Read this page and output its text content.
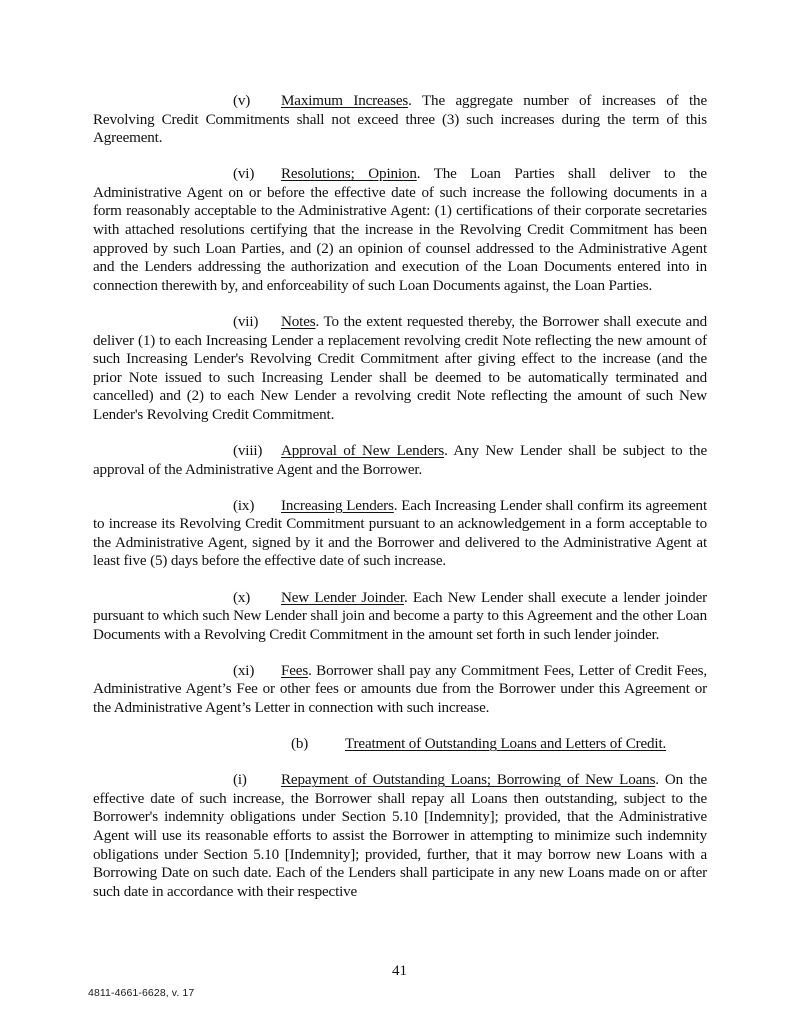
(v) Maximum Increases. The aggregate number of increases of the Revolving Credit Commitments shall not exceed three (3) such increases during the term of this Agreement.

(vi) Resolutions; Opinion. The Loan Parties shall deliver to the Administrative Agent on or before the effective date of such increase the following documents in a form reasonably acceptable to the Administrative Agent: (1) certifications of their corporate secretaries with attached resolutions certifying that the increase in the Revolving Credit Commitment has been approved by such Loan Parties, and (2) an opinion of counsel addressed to the Administrative Agent and the Lenders addressing the authorization and execution of the Loan Documents entered into in connection therewith by, and enforceability of such Loan Documents against, the Loan Parties.

(vii) Notes. To the extent requested thereby, the Borrower shall execute and deliver (1) to each Increasing Lender a replacement revolving credit Note reflecting the new amount of such Increasing Lender's Revolving Credit Commitment after giving effect to the increase (and the prior Note issued to such Increasing Lender shall be deemed to be automatically terminated and cancelled) and (2) to each New Lender a revolving credit Note reflecting the amount of such New Lender's Revolving Credit Commitment.

(viii) Approval of New Lenders. Any New Lender shall be subject to the approval of the Administrative Agent and the Borrower.

(ix) Increasing Lenders. Each Increasing Lender shall confirm its agreement to increase its Revolving Credit Commitment pursuant to an acknowledgement in a form acceptable to the Administrative Agent, signed by it and the Borrower and delivered to the Administrative Agent at least five (5) days before the effective date of such increase.

(x) New Lender Joinder. Each New Lender shall execute a lender joinder pursuant to which such New Lender shall join and become a party to this Agreement and the other Loan Documents with a Revolving Credit Commitment in the amount set forth in such lender joinder.

(xi) Fees. Borrower shall pay any Commitment Fees, Letter of Credit Fees, Administrative Agent’s Fee or other fees or amounts due from the Borrower under this Agreement or the Administrative Agent’s Letter in connection with such increase.

(b) Treatment of Outstanding Loans and Letters of Credit.

(i) Repayment of Outstanding Loans; Borrowing of New Loans. On the effective date of such increase, the Borrower shall repay all Loans then outstanding, subject to the Borrower's indemnity obligations under Section 5.10 [Indemnity]; provided, that the Administrative Agent will use its reasonable efforts to assist the Borrower in attempting to minimize such indemnity obligations under Section 5.10 [Indemnity]; provided, further, that it may borrow new Loans with a Borrowing Date on such date. Each of the Lenders shall participate in any new Loans made on or after such date in accordance with their respective

41
4811-4661-6628, v. 17
